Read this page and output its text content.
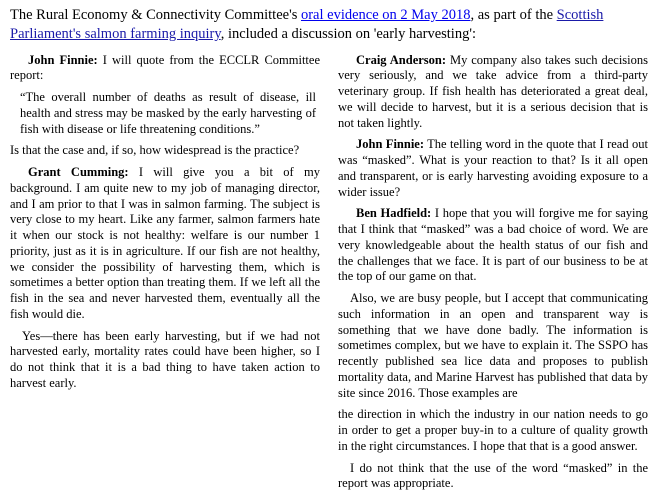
The Rural Economy & Connectivity Committee's oral evidence on 2 May 2018, as part of the Scottish Parliament's salmon farming inquiry, included a discussion on 'early harvesting':

John Finnie: I will quote from the ECCLR Committee report:

“The overall number of deaths as result of disease, ill health and stress may be masked by the early harvesting of fish with disease or life threatening conditions.”

Is that the case and, if so, how widespread is the practice?

Grant Cumming: I will give you a bit of my background. I am quite new to my job of managing director, and I am prior to that I was in salmon farming. The subject is very close to my heart. Like any farmer, salmon farmers hate it when our stock is not healthy: welfare is our number 1 priority, just as it is in agriculture. If our fish are not healthy, we consider the possibility of harvesting them, which is sometimes a better option than treating them. If we left all the fish in the sea and never harvested them, eventually all the fish would die.

Yes—there has been early harvesting, but if we had not harvested early, mortality rates could have been higher, so I do not think that it is a bad thing to have taken action to harvest early.

Craig Anderson: My company also takes such decisions very seriously, and we take advice from a third-party veterinary group. If fish health has deteriorated a great deal, we will decide to harvest, but it is a serious decision that is not taken lightly.

John Finnie: The telling word in the quote that I read out was “masked”. What is your reaction to that? Is it all open and transparent, or is early harvesting avoiding exposure to a wider issue?

Ben Hadfield: I hope that you will forgive me for saying that I think that “masked” was a bad choice of word. We are very knowledgeable about the health status of our fish and the challenges that we face. It is part of our business to be at the top of our game on that.

Also, we are busy people, but I accept that communicating such information in an open and transparent way is something that we have done badly. The information is sometimes complex, but we have to explain it. The SSPO has recently published sea lice data and proposes to publish mortality data, and Marine Harvest has published that data by site since 2016. Those examples are

the direction in which the industry in our nation needs to go in order to get a proper buy-in to a culture of quality growth in the right circumstances. I hope that that is a good answer.

I do not think that the use of the word “masked” in the report was appropriate.
